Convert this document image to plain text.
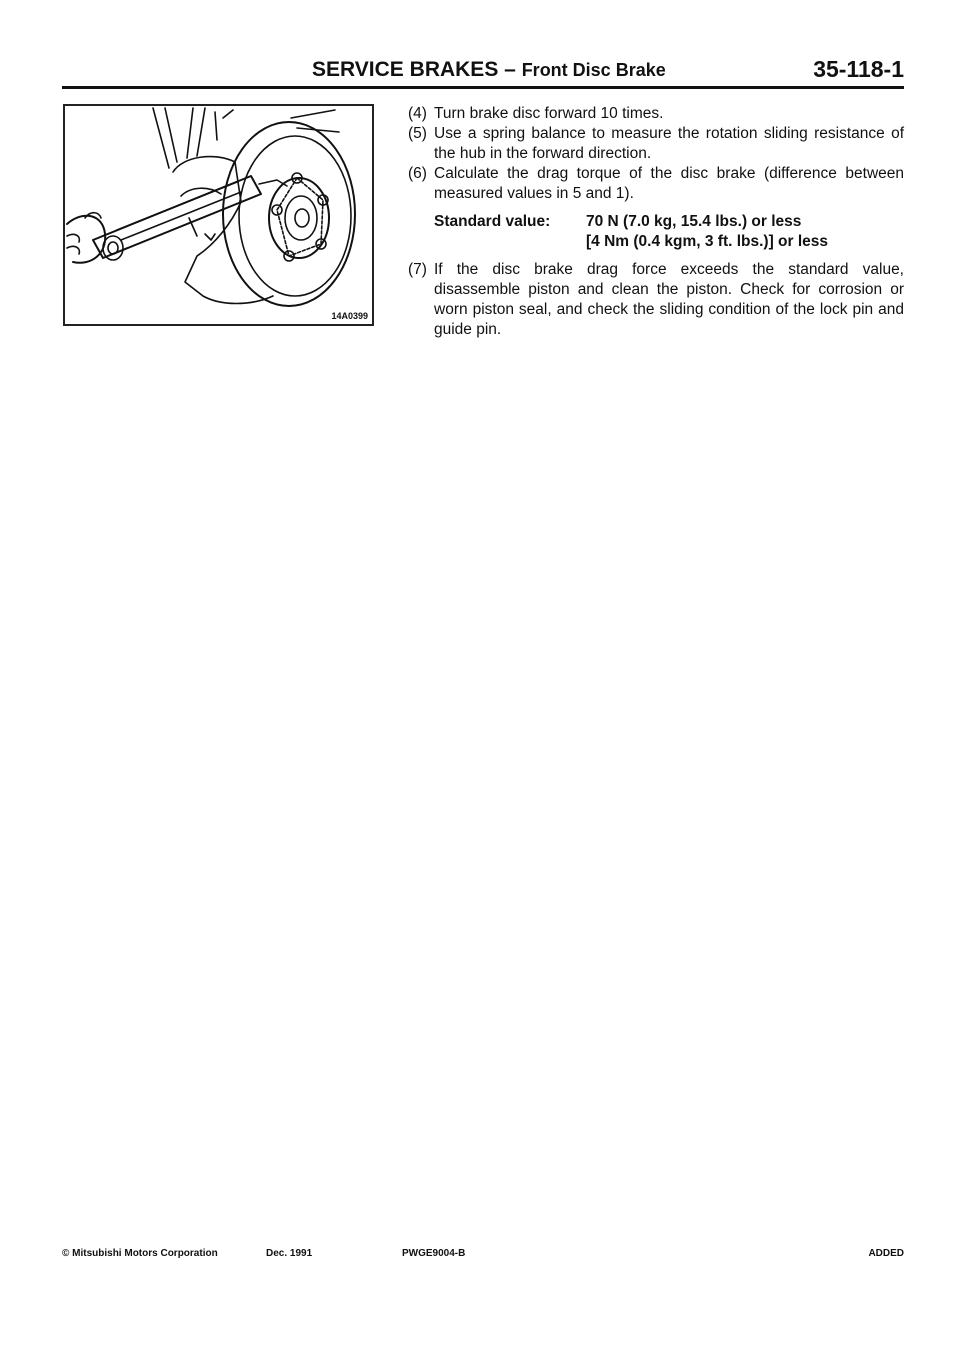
SERVICE BRAKES – Front Disc Brake	35-118-1
14A0399
(4) Turn brake disc forward 10 times.
(5) Use a spring balance to measure the rotation sliding resistance of the hub in the forward direction.
(6) Calculate the drag torque of the disc brake (difference between measured values in 5 and 1).
Standard value: 70 N (7.0 kg, 15.4 lbs.) or less
[4 Nm (0.4 kgm, 3 ft. lbs.)] or less
(7) If the disc brake drag force exceeds the standard value, disassemble piston and clean the piston. Check for corrosion or worn piston seal, and check the sliding condition of the lock pin and guide pin.
© Mitsubishi Motors Corporation	Dec. 1991	PWGE9004-B	ADDED
